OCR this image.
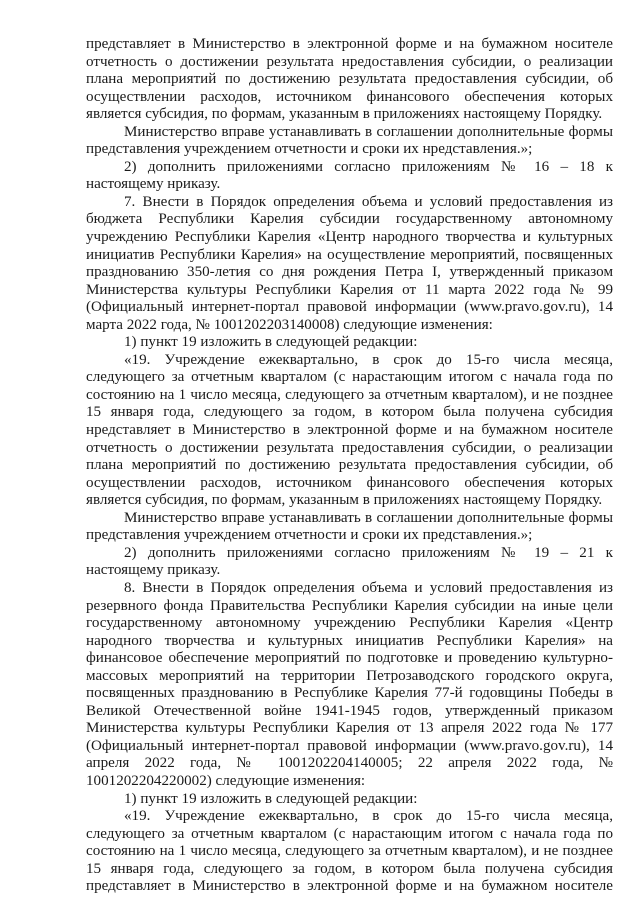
представляет в Министерство в электронной форме и на бумажном носителе отчетность о достижении результата нредоставления субсидии, о реализации плана мероприятий по достижению результата предоставления субсидии, об осуществлении расходов, источником финансового обеспечения которых является субсидия, по формам, указанным в приложениях настоящему Порядку.

Министерство вправе устанавливать в соглашении дополнительные формы представления учреждением отчетности и сроки их нредставления.»;

2) дополнить приложениями согласно приложениям № 16 – 18 к настоящему нриказу.

7. Внести в Порядок определения объема и условий предоставления из бюджета Республики Карелия субсидии государственному автономному учреждению Республики Карелия «Центр народного творчества и культурных инициатив Республики Карелия» на осуществление мероприятий, посвященных празднованию 350-летия со дня рождения Петра I, утвержденный приказом Министерства культуры Республики Карелия от 11 марта 2022 года № 99 (Официальный интернет-портал правовой информации (www.pravo.gov.ru), 14 марта 2022 года, № 1001202203140008) следующие изменения:

1) пункт 19 изложить в следующей редакции:

«19. Учреждение ежеквартально, в срок до 15-го числа месяца, следующего за отчетным кварталом (с нарастающим итогом с начала года по состоянию на 1 число месяца, следующего за отчетным кварталом), и не позднее 15 января года, следующего за годом, в котором была получена субсидия нредставляет в Министерство в электронной форме и на бумажном носителе отчетность о достижении результата предоставления субсидии, о реализации плана мероприятий по достижению результата предоставления субсидии, об осуществлении расходов, источником финансового обеспечения которых является субсидия, по формам, указанным в приложениях настоящему Порядку.

Министерство вправе устанавливать в соглашении дополнительные формы представления учреждением отчетности и сроки их представления.»;

2) дополнить приложениями согласно приложениям № 19 – 21 к настоящему приказу.

8. Внести в Порядок определения объема и условий предоставления из резервного фонда Правительства Республики Карелия субсидии на иные цели государственному автономному учреждению Республики Карелия «Центр народного творчества и культурных инициатив Республики Карелия» на финансовое обеспечение мероприятий по подготовке и проведению культурно-массовых мероприятий на территории Петрозаводского городского округа, посвященных празднованию в Республике Карелия 77-й годовщины Победы в Великой Отечественной войне 1941-1945 годов, утвержденный приказом Министерства культуры Республики Карелия от 13 апреля 2022 года № 177 (Официальный интернет-портал правовой информации (www.pravo.gov.ru), 14 апреля 2022 года, № 1001202204140005; 22 апреля 2022 года, № 1001202204220002) следующие изменения:

1) пункт 19 изложить в следующей редакции:

«19. Учреждение ежеквартально, в срок до 15-го числа месяца, следующего за отчетным кварталом (с нарастающим итогом с начала года по состоянию на 1 число месяца, следующего за отчетным кварталом), и не позднее 15 января года, следующего за годом, в котором была получена субсидия представляет в Министерство в электронной форме и на бумажном носителе
